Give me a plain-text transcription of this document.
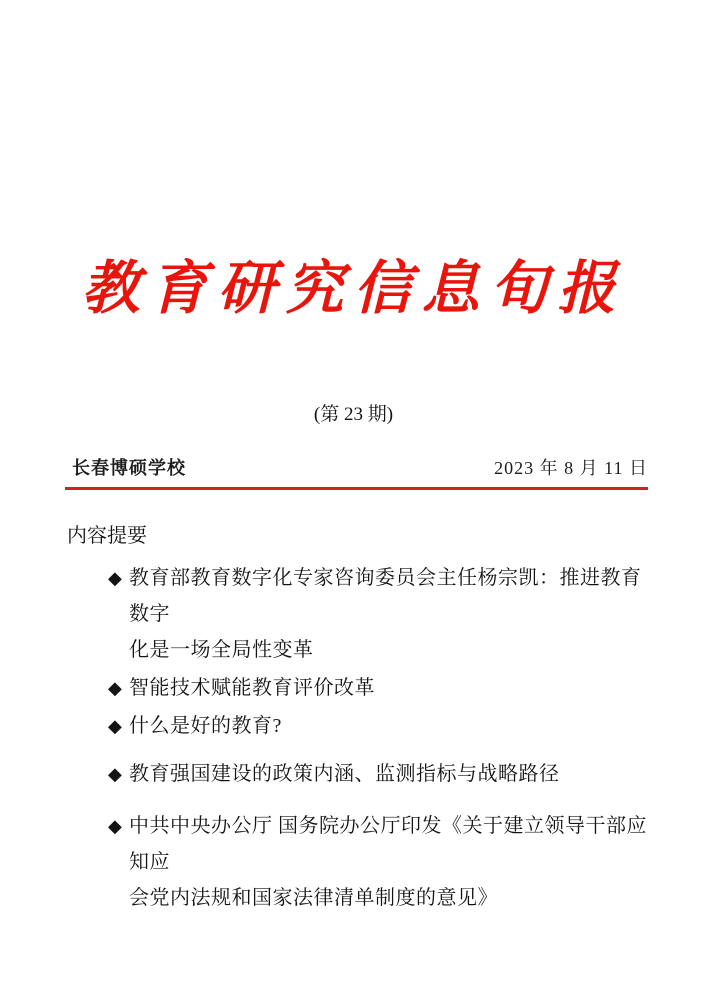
教育研究信息旬报
(第 23 期)
长春博硕学校	2023 年 8 月 11 日
内容提要
◆ 教育部教育数字化专家咨询委员会主任杨宗凯：推进教育数字
化是一场全局性变革
◆ 智能技术赋能教育评价改革
◆ 什么是好的教育?
◆ 教育强国建设的政策内涵、监测指标与战略路径
◆ 中共中央办公厅 国务院办公厅印发《关于建立领导干部应知应
会党内法规和国家法律清单制度的意见》
